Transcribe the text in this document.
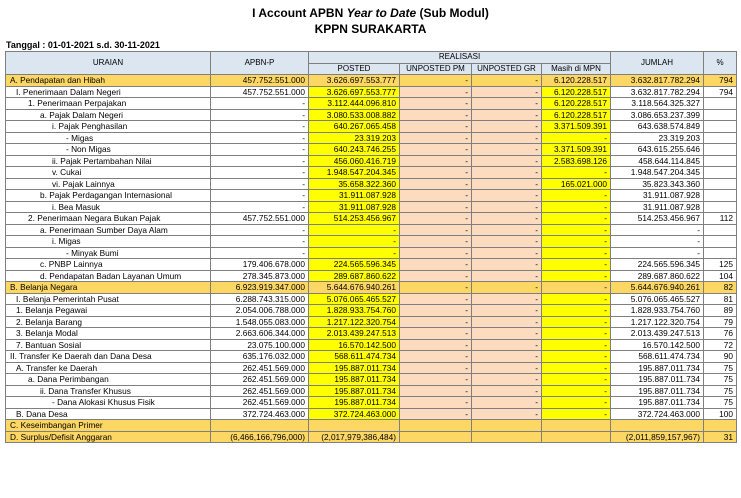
I Account APBN Year to Date (Sub Modul)
KPPN SURAKARTA
Tanggal : 01-01-2021 s.d. 30-11-2021
URAIAN	APBN-P	REALISASI				JUMLAH	%
		POSTED	UNPOSTED PM	UNPOSTED GR	Masih di MPN		
A. Pendapatan dan Hibah	457.752.551.000	3.626.697.553.777	-	-	6.120.228.517	3.632.817.782.294	794
I. Penerimaan Dalam Negeri	457.752.551.000	3.626.697.553.777	-	-	6.120.228.517	3.632.817.782.294	794
1. Penerimaan Perpajakan	-	3.112.444.096.810	-	-	6.120.228.517	3.118.564.325.327	
a. Pajak Dalam Negeri	-	3.080.533.008.882	-	-	6.120.228.517	3.086.653.237.399	
i. Pajak Penghasilan	-	640.267.065.458	-	-	3.371.509.391	643.638.574.849	
- Migas	-	23.319.203	-	-	-	23.319.203	
- Non Migas	-	640.243.746.255	-	-	3.371.509.391	643.615.255.646	
ii. Pajak Pertambahan Nilai	-	456.060.416.719	-	-	2.583.698.126	458.644.114.845	
v. Cukai	-	1.948.547.204.345	-	-	-	1.948.547.204.345	
vi. Pajak Lainnya	-	35.658.322.360	-	-	165.021.000	35.823.343.360	
b. Pajak Perdagangan Internasional	-	31.911.087.928	-	-	-	31.911.087.928	
i. Bea Masuk	-	31.911.087.928	-	-	-	31.911.087.928	
2. Penerimaan Negara Bukan Pajak	457.752.551.000	514.253.456.967	-	-	-	514.253.456.967	112
a. Penerimaan Sumber Daya Alam	-	-	-	-	-	-	
i. Migas	-	-	-	-	-	-	
- Minyak Bumi	-	-	-	-	-	-	
c. PNBP Lainnya	179.406.678.000	224.565.596.345	-	-	-	224.565.596.345	125
d. Pendapatan Badan Layanan Umum	278.345.873.000	289.687.860.622	-	-	-	289.687.860.622	104
B. Belanja Negara	6.923.919.347.000	5.644.676.940.261	-	-	-	5.644.676.940.261	82
I. Belanja Pemerintah Pusat	6.288.743.315.000	5.076.065.465.527	-	-	-	5.076.065.465.527	81
1. Belanja Pegawai	2.054.006.788.000	1.828.933.754.760	-	-	-	1.828.933.754.760	89
2. Belanja Barang	1.548.055.083.000	1.217.122.320.754	-	-	-	1.217.122.320.754	79
3. Belanja Modal	2.663.606.344.000	2.013.439.247.513	-	-	-	2.013.439.247.513	76
7. Bantuan Sosial	23.075.100.000	16.570.142.500	-	-	-	16.570.142.500	72
II. Transfer Ke Daerah dan Dana Desa	635.176.032.000	568.611.474.734	-	-	-	568.611.474.734	90
A. Transfer ke Daerah	262.451.569.000	195.887.011.734	-	-	-	195.887.011.734	75
a. Dana Perimbangan	262.451.569.000	195.887.011.734	-	-	-	195.887.011.734	75
ii. Dana Transfer Khusus	262.451.569.000	195.887.011.734	-	-	-	195.887.011.734	75
- Dana Alokasi Khusus Fisik	262.451.569.000	195.887.011.734	-	-	-	195.887.011.734	75
B. Dana Desa	372.724.463.000	372.724.463.000	-	-	-	372.724.463.000	100
C. Keseimbangan Primer							
D. Surplus/Defisit Anggaran	(6,466,166,796,000)	(2,017,979,386,484)				(2,011,859,157,967)	31
